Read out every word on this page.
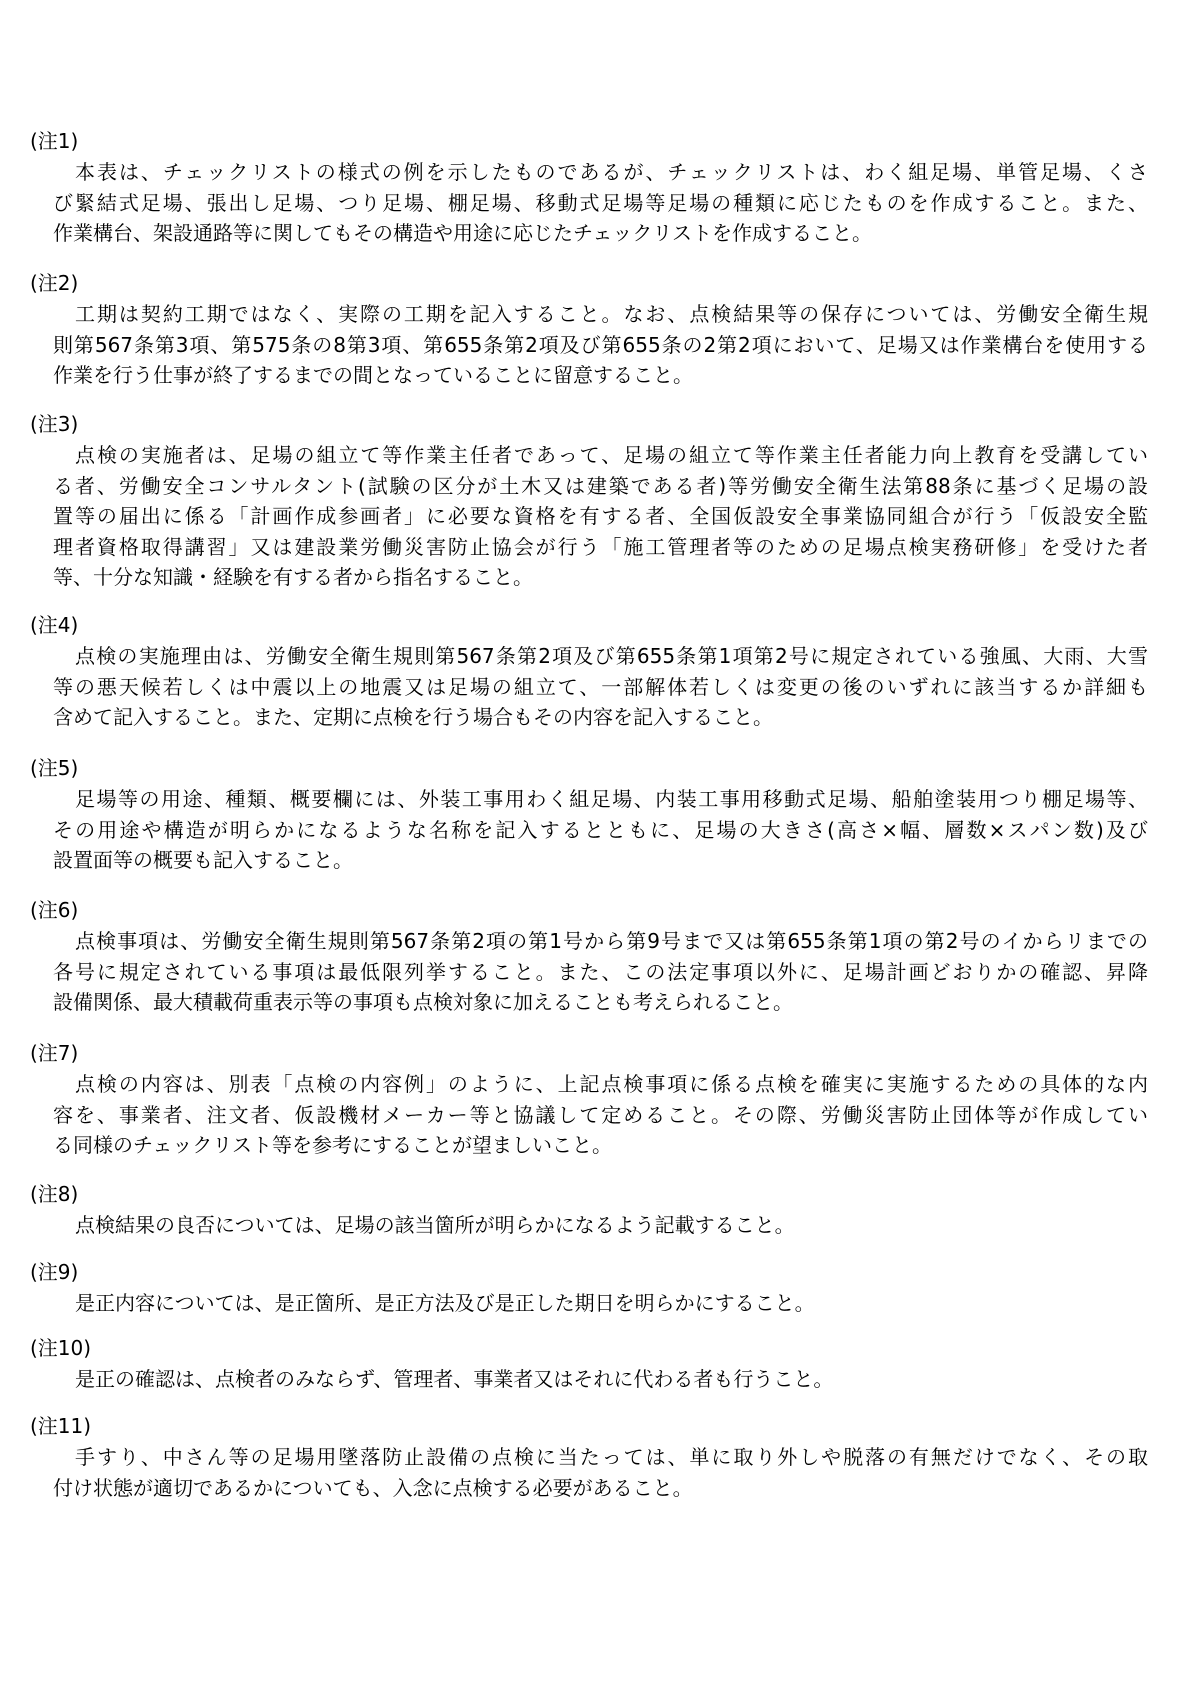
(注1)
本表は、チェックリストの様式の例を示したものであるが、チェックリストは、わく組足場、単管足場、くさ
び緊結式足場、張出し足場、つり足場、棚足場、移動式足場等足場の種類に応じたものを作成すること。また、
作業構台、架設通路等に関してもその構造や用途に応じたチェックリストを作成すること。
(注2)
工期は契約工期ではなく、実際の工期を記入すること。なお、点検結果等の保存については、労働安全衛生規
則第567条第3項、第575条の8第3項、第655条第2項及び第655条の2第2項において、足場又は作業構台を使用する
作業を行う仕事が終了するまでの間となっていることに留意すること。
(注3)
点検の実施者は、足場の組立て等作業主任者であって、足場の組立て等作業主任者能力向上教育を受講してい
る者、労働安全コンサルタント(試験の区分が土木又は建築である者)等労働安全衛生法第88条に基づく足場の設
置等の届出に係る「計画作成参画者」に必要な資格を有する者、全国仮設安全事業協同組合が行う「仮設安全監
理者資格取得講習」又は建設業労働災害防止協会が行う「施工管理者等のための足場点検実務研修」を受けた者
等、十分な知識・経験を有する者から指名すること。
(注4)
点検の実施理由は、労働安全衛生規則第567条第2項及び第655条第1項第2号に規定されている強風、大雨、大雪
等の悪天候若しくは中震以上の地震又は足場の組立て、一部解体若しくは変更の後のいずれに該当するか詳細も
含めて記入すること。また、定期に点検を行う場合もその内容を記入すること。
(注5)
足場等の用途、種類、概要欄には、外装工事用わく組足場、内装工事用移動式足場、船舶塗装用つり棚足場等、
その用途や構造が明らかになるような名称を記入するとともに、足場の大きさ(高さ×幅、層数×スパン数)及び
設置面等の概要も記入すること。
(注6)
点検事項は、労働安全衛生規則第567条第2項の第1号から第9号まで又は第655条第1項の第2号のイからリまでの
各号に規定されている事項は最低限列挙すること。また、この法定事項以外に、足場計画どおりかの確認、昇降
設備関係、最大積載荷重表示等の事項も点検対象に加えることも考えられること。
(注7)
点検の内容は、別表「点検の内容例」のように、上記点検事項に係る点検を確実に実施するための具体的な内
容を、事業者、注文者、仮設機材メーカー等と協議して定めること。その際、労働災害防止団体等が作成してい
る同様のチェックリスト等を参考にすることが望ましいこと。
(注8)
点検結果の良否については、足場の該当箇所が明らかになるよう記載すること。
(注9)
是正内容については、是正箇所、是正方法及び是正した期日を明らかにすること。
(注10)
是正の確認は、点検者のみならず、管理者、事業者又はそれに代わる者も行うこと。
(注11)
手すり、中さん等の足場用墜落防止設備の点検に当たっては、単に取り外しや脱落の有無だけでなく、その取
付け状態が適切であるかについても、入念に点検する必要があること。
